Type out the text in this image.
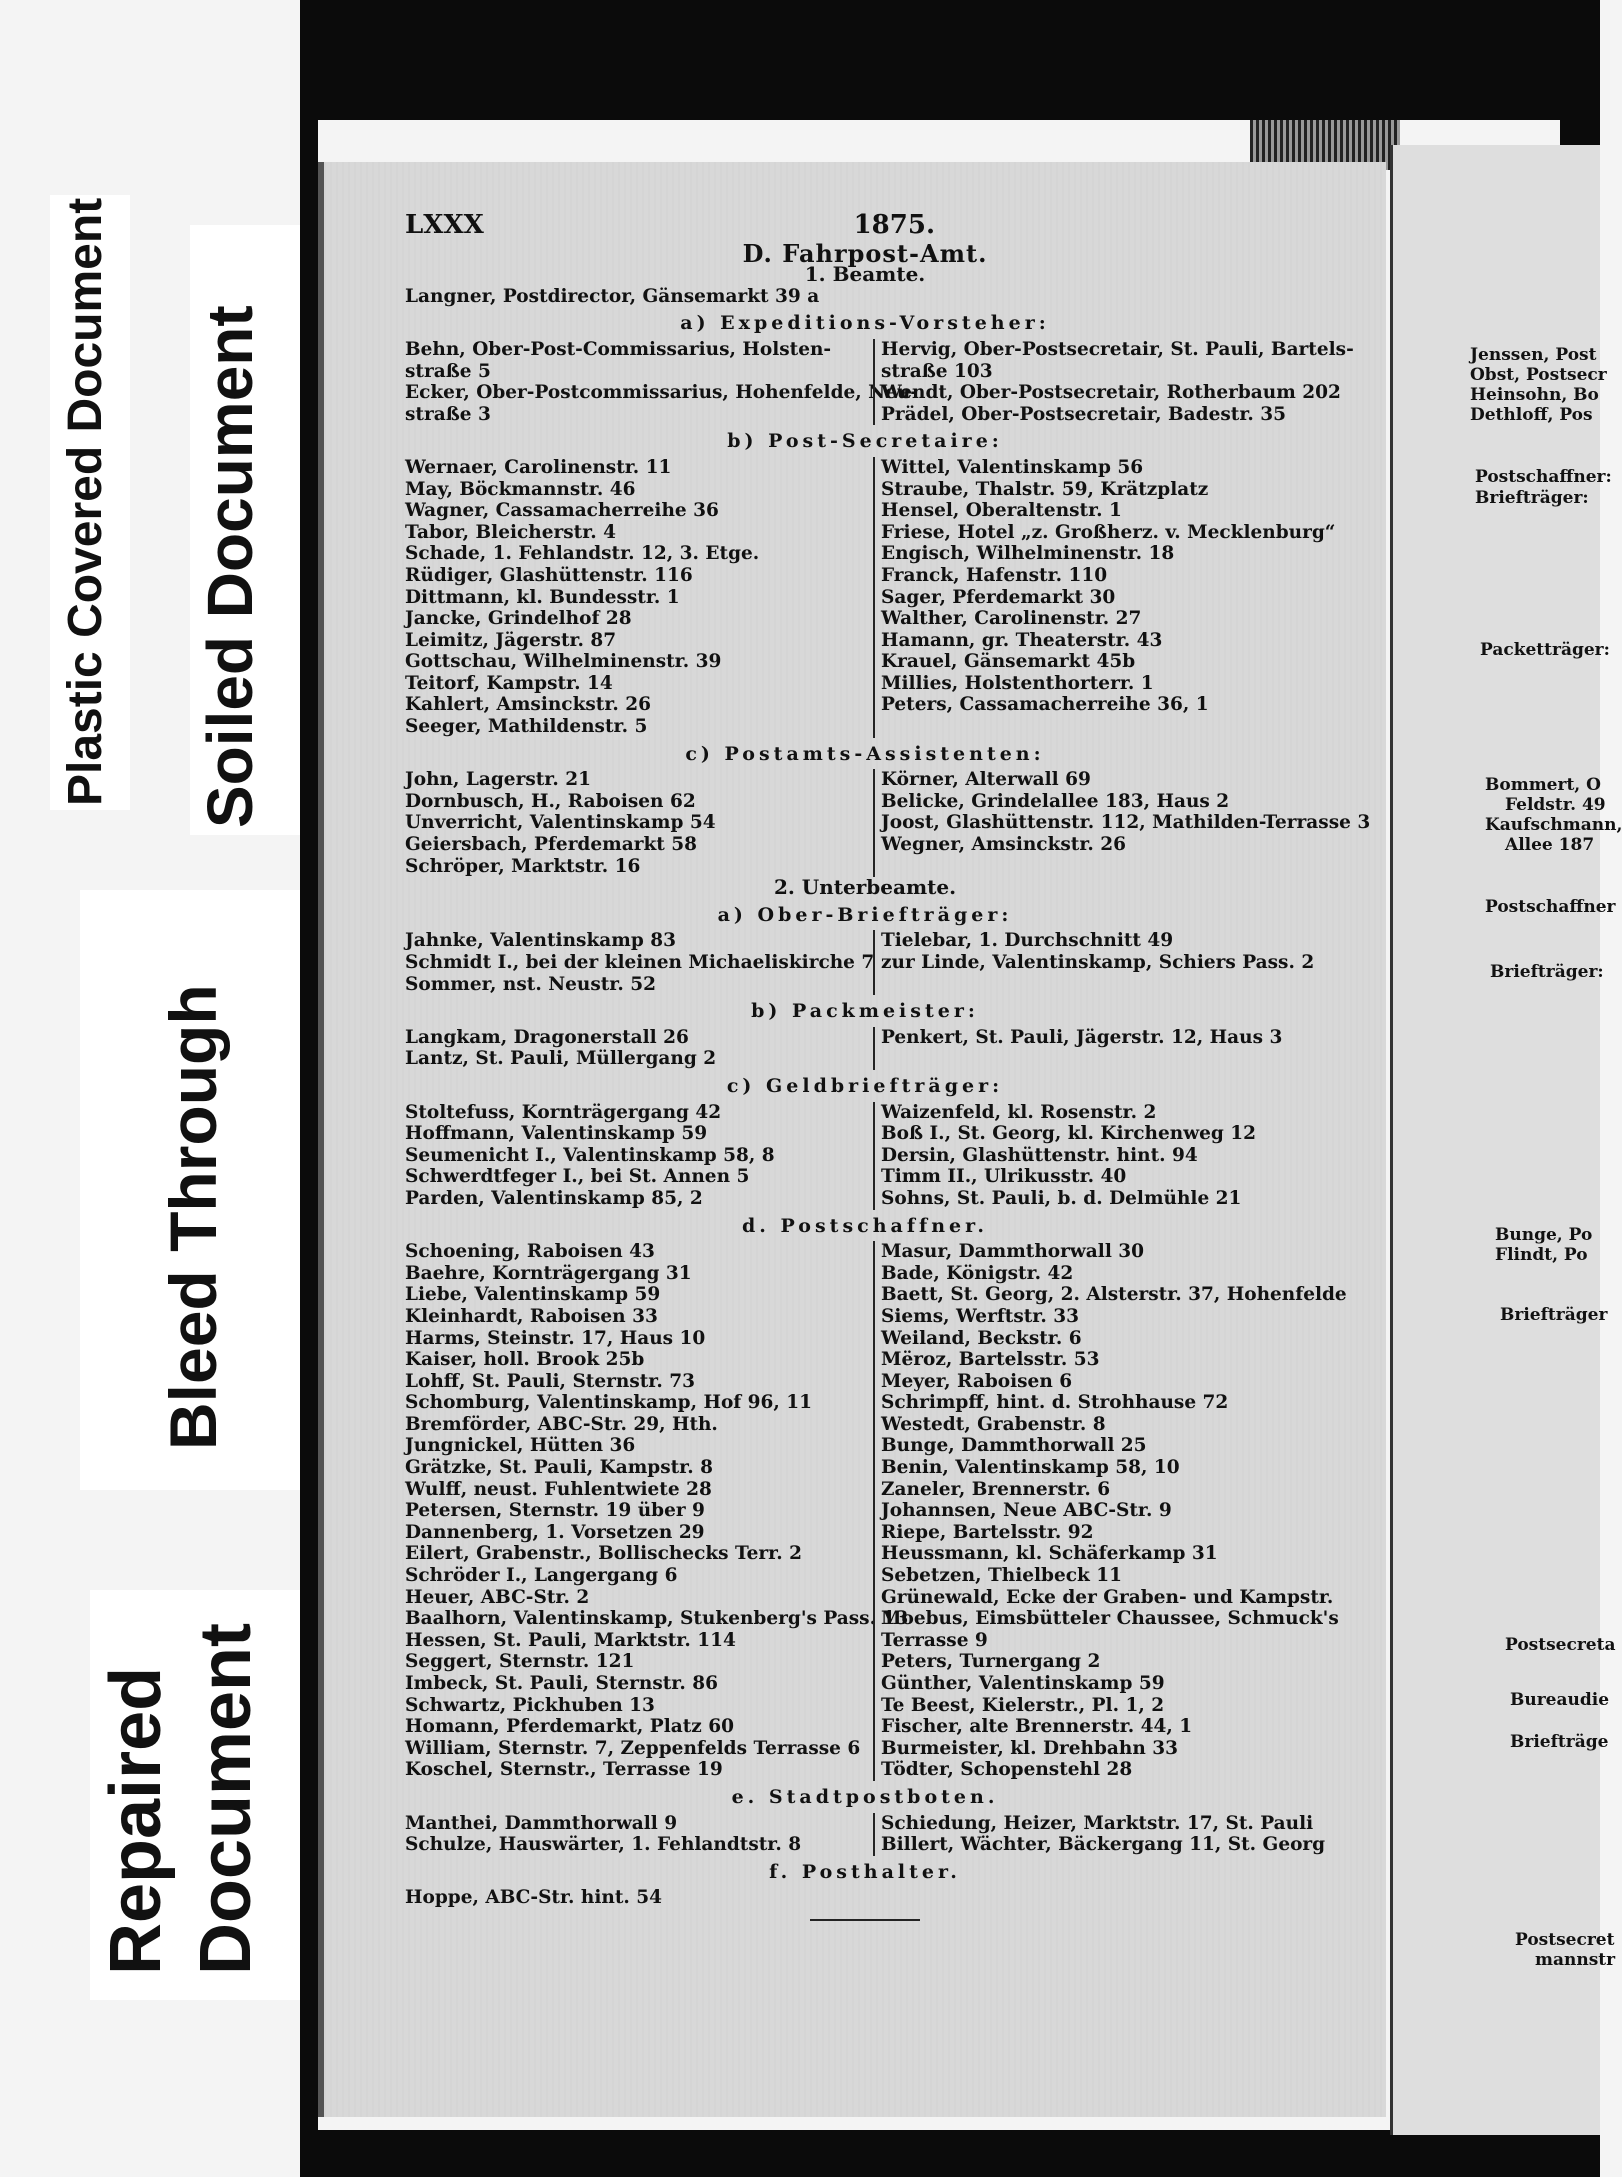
Plastic Covered Document Soiled Document
Bleed Through
Repaired Document
Jenssen, Post
Obst, Postsecr
Heinsohn, Bo
Dethloff, Pos
Postschaffner:
Briefträger:
Packetträger:
Bommert, O
Feldstr. 49
Kaufschmann,
Allee 187
Postschaffner
Briefträger:
Bunge, Po
Flindt, Po
Briefträger
Postsecreta
Bureaudie
Briefträge
Postsecret
mannstr
LXXX	1875.
D. Fahrpost-Amt.
1. Beamte.
Langner, Postdirector, Gänsemarkt 39 a
a) Expeditions-Vorsteher:
Behn, Ober-Post-Commissarius, Holsten-
straße 5
Ecker, Ober-Postcommissarius, Hohenfelde, Neu-
straße 3
Hervig, Ober-Postsecretair, St. Pauli, Bartels-
straße 103
Wendt, Ober-Postsecretair, Rotherbaum 202
Prädel, Ober-Postsecretair, Badestr. 35
b) Post-Secretaire:
Wernaer, Carolinenstr. 11
May, Böckmannstr. 46
Wagner, Cassamacherreihe 36
Tabor, Bleicherstr. 4
Schade, 1. Fehlandstr. 12, 3. Etge.
Rüdiger, Glashüttenstr. 116
Dittmann, kl. Bundesstr. 1
Jancke, Grindelhof 28
Leimitz, Jägerstr. 87
Gottschau, Wilhelminenstr. 39
Teitorf, Kampstr. 14
Kahlert, Amsinckstr. 26
Seeger, Mathildenstr. 5
Wittel, Valentinskamp 56
Straube, Thalstr. 59, Krätzplatz
Hensel, Oberaltenstr. 1
Friese, Hotel „z. Großherz. v. Mecklenburg“
Engisch, Wilhelminenstr. 18
Franck, Hafenstr. 110
Sager, Pferdemarkt 30
Walther, Carolinenstr. 27
Hamann, gr. Theaterstr. 43
Krauel, Gänsemarkt 45b
Millies, Holstenthorterr. 1
Peters, Cassamacherreihe 36, 1
c) Postamts-Assistenten:
John, Lagerstr. 21
Dornbusch, H., Raboisen 62
Unverricht, Valentinskamp 54
Geiersbach, Pferdemarkt 58
Schröper, Marktstr. 16
Körner, Alterwall 69
Belicke, Grindelallee 183, Haus 2
Joost, Glashüttenstr. 112, Mathilden-Terrasse 3
Wegner, Amsinckstr. 26
2. Unterbeamte.
a) Ober-Briefträger:
Jahnke, Valentinskamp 83
Schmidt I., bei der kleinen Michaeliskirche 7
Sommer, nst. Neustr. 52
Tielebar, 1. Durchschnitt 49
zur Linde, Valentinskamp, Schiers Pass. 2
b) Packmeister:
Langkam, Dragonerstall 26
Lantz, St. Pauli, Müllergang 2
Penkert, St. Pauli, Jägerstr. 12, Haus 3
c) Geldbriefträger:
Stoltefuss, Kornträgergang 42
Hoffmann, Valentinskamp 59
Seumenicht I., Valentinskamp 58, 8
Schwerdtfeger I., bei St. Annen 5
Parden, Valentinskamp 85, 2
Waizenfeld, kl. Rosenstr. 2
Boß I., St. Georg, kl. Kirchenweg 12
Dersin, Glashüttenstr. hint. 94
Timm II., Ulrikusstr. 40
Sohns, St. Pauli, b. d. Delmühle 21
d. Postschaffner.
Schoening, Raboisen 43
Baehre, Kornträgergang 31
Liebe, Valentinskamp 59
Kleinhardt, Raboisen 33
Harms, Steinstr. 17, Haus 10
Kaiser, holl. Brook 25b
Lohff, St. Pauli, Sternstr. 73
Schomburg, Valentinskamp, Hof 96, 11
Bremförder, ABC-Str. 29, Hth.
Jungnickel, Hütten 36
Grätzke, St. Pauli, Kampstr. 8
Wulff, neust. Fuhlentwiete 28
Petersen, Sternstr. 19 über 9
Dannenberg, 1. Vorsetzen 29
Eilert, Grabenstr., Bollischecks Terr. 2
Schröder I., Langergang 6
Heuer, ABC-Str. 2
Baalhorn, Valentinskamp, Stukenberg's Pass. 13
Hessen, St. Pauli, Marktstr. 114
Seggert, Sternstr. 121
Imbeck, St. Pauli, Sternstr. 86
Schwartz, Pickhuben 13
Homann, Pferdemarkt, Platz 60
William, Sternstr. 7, Zeppenfelds Terrasse 6
Koschel, Sternstr., Terrasse 19
Masur, Dammthorwall 30
Bade, Königstr. 42
Baett, St. Georg, 2. Alsterstr. 37, Hohenfelde
Siems, Werftstr. 33
Weiland, Beckstr. 6
Mëroz, Bartelsstr. 53
Meyer, Raboisen 6
Schrimpff, hint. d. Strohhause 72
Westedt, Grabenstr. 8
Bunge, Dammthorwall 25
Benin, Valentinskamp 58, 10
Zaneler, Brennerstr. 6
Johannsen, Neue ABC-Str. 9
Riepe, Bartelsstr. 92
Heussmann, kl. Schäferkamp 31
Sebetzen, Thielbeck 11
Grünewald, Ecke der Graben- und Kampstr.
Moebus, Eimsbütteler Chaussee, Schmuck's
Terrasse 9
Peters, Turnergang 2
Günther, Valentinskamp 59
Te Beest, Kielerstr., Pl. 1, 2
Fischer, alte Brennerstr. 44, 1
Burmeister, kl. Drehbahn 33
Tödter, Schopenstehl 28
e. Stadtpostboten.
Manthei, Dammthorwall 9
Schulze, Hauswärter, 1. Fehlandtstr. 8
Schiedung, Heizer, Marktstr. 17, St. Pauli
Billert, Wächter, Bäckergang 11, St. Georg
f. Posthalter.
Hoppe, ABC-Str. hint. 54
